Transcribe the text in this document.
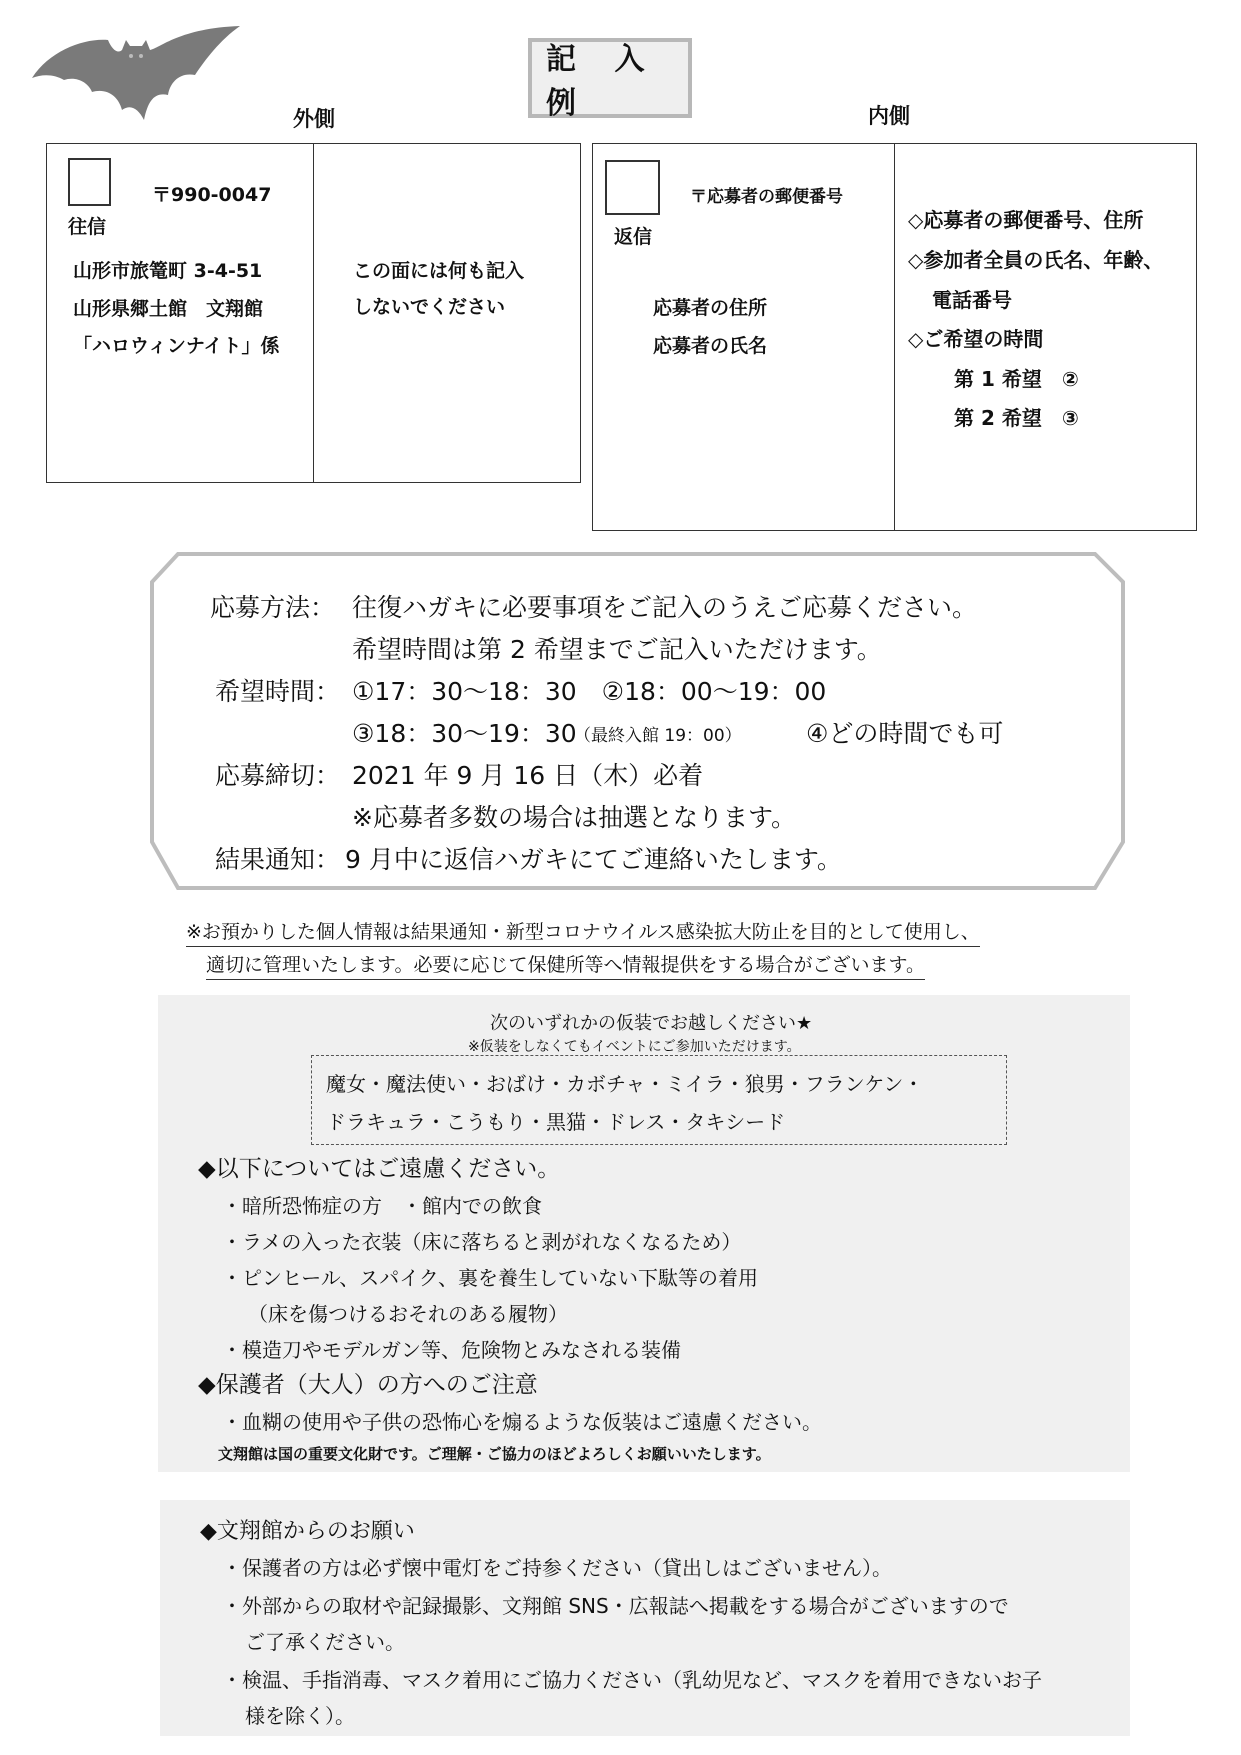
記 入 例
外側	内側
〒990-0047
往信
山形市旅篭町 3-4-51
山形県郷土館　文翔館
「ハロウィンナイト」係
この面には何も記入
しないでください
〒応募者の郵便番号
返信
応募者の住所
応募者の氏名
◇応募者の郵便番号、住所
◇参加者全員の氏名、年齢、
電話番号
◇ご希望の時間
第 1 希望　②
第 2 希望　③
応募方法： 往復ハガキに必要事項をご記入のうえご応募ください。
希望時間は第 2 希望までご記入いただけます。
希望時間： ①17：30〜18：30　②18：00〜19：00
③18：30〜19：30
（最終入館 19：00）	④どの時間でも可
応募締切： 2021 年 9 月 16 日（木）必着
※応募者多数の場合は抽選となります。
結果通知： 9 月中に返信ハガキにてご連絡いたします。
※お預かりした個人情報は結果通知・新型コロナウイルス感染拡大防止を目的として使用し、
適切に管理いたします。必要に応じて保健所等へ情報提供をする場合がございます。
次のいずれかの仮装でお越しください★
※仮装をしなくてもイベントにご参加いただけます。
魔女・魔法使い・おばけ・カボチャ・ミイラ・狼男・フランケン・
ドラキュラ・こうもり・黒猫・ドレス・タキシード
◆以下についてはご遠慮ください。
・暗所恐怖症の方　・館内での飲食
・ラメの入った衣装（床に落ちると剥がれなくなるため）
・ピンヒール、スパイク、裏を養生していない下駄等の着用
（床を傷つけるおそれのある履物）
・模造刀やモデルガン等、危険物とみなされる装備
◆保護者（大人）の方へのご注意
・血糊の使用や子供の恐怖心を煽るような仮装はご遠慮ください。
文翔館は国の重要文化財です。ご理解・ご協力のほどよろしくお願いいたします。
◆文翔館からのお願い
・保護者の方は必ず懐中電灯をご持参ください（貸出しはございません）。
・外部からの取材や記録撮影、文翔館 SNS・広報誌へ掲載をする場合がございますので
ご了承ください。
・検温、手指消毒、マスク着用にご協力ください（乳幼児など、マスクを着用できないお子
様を除く）。
